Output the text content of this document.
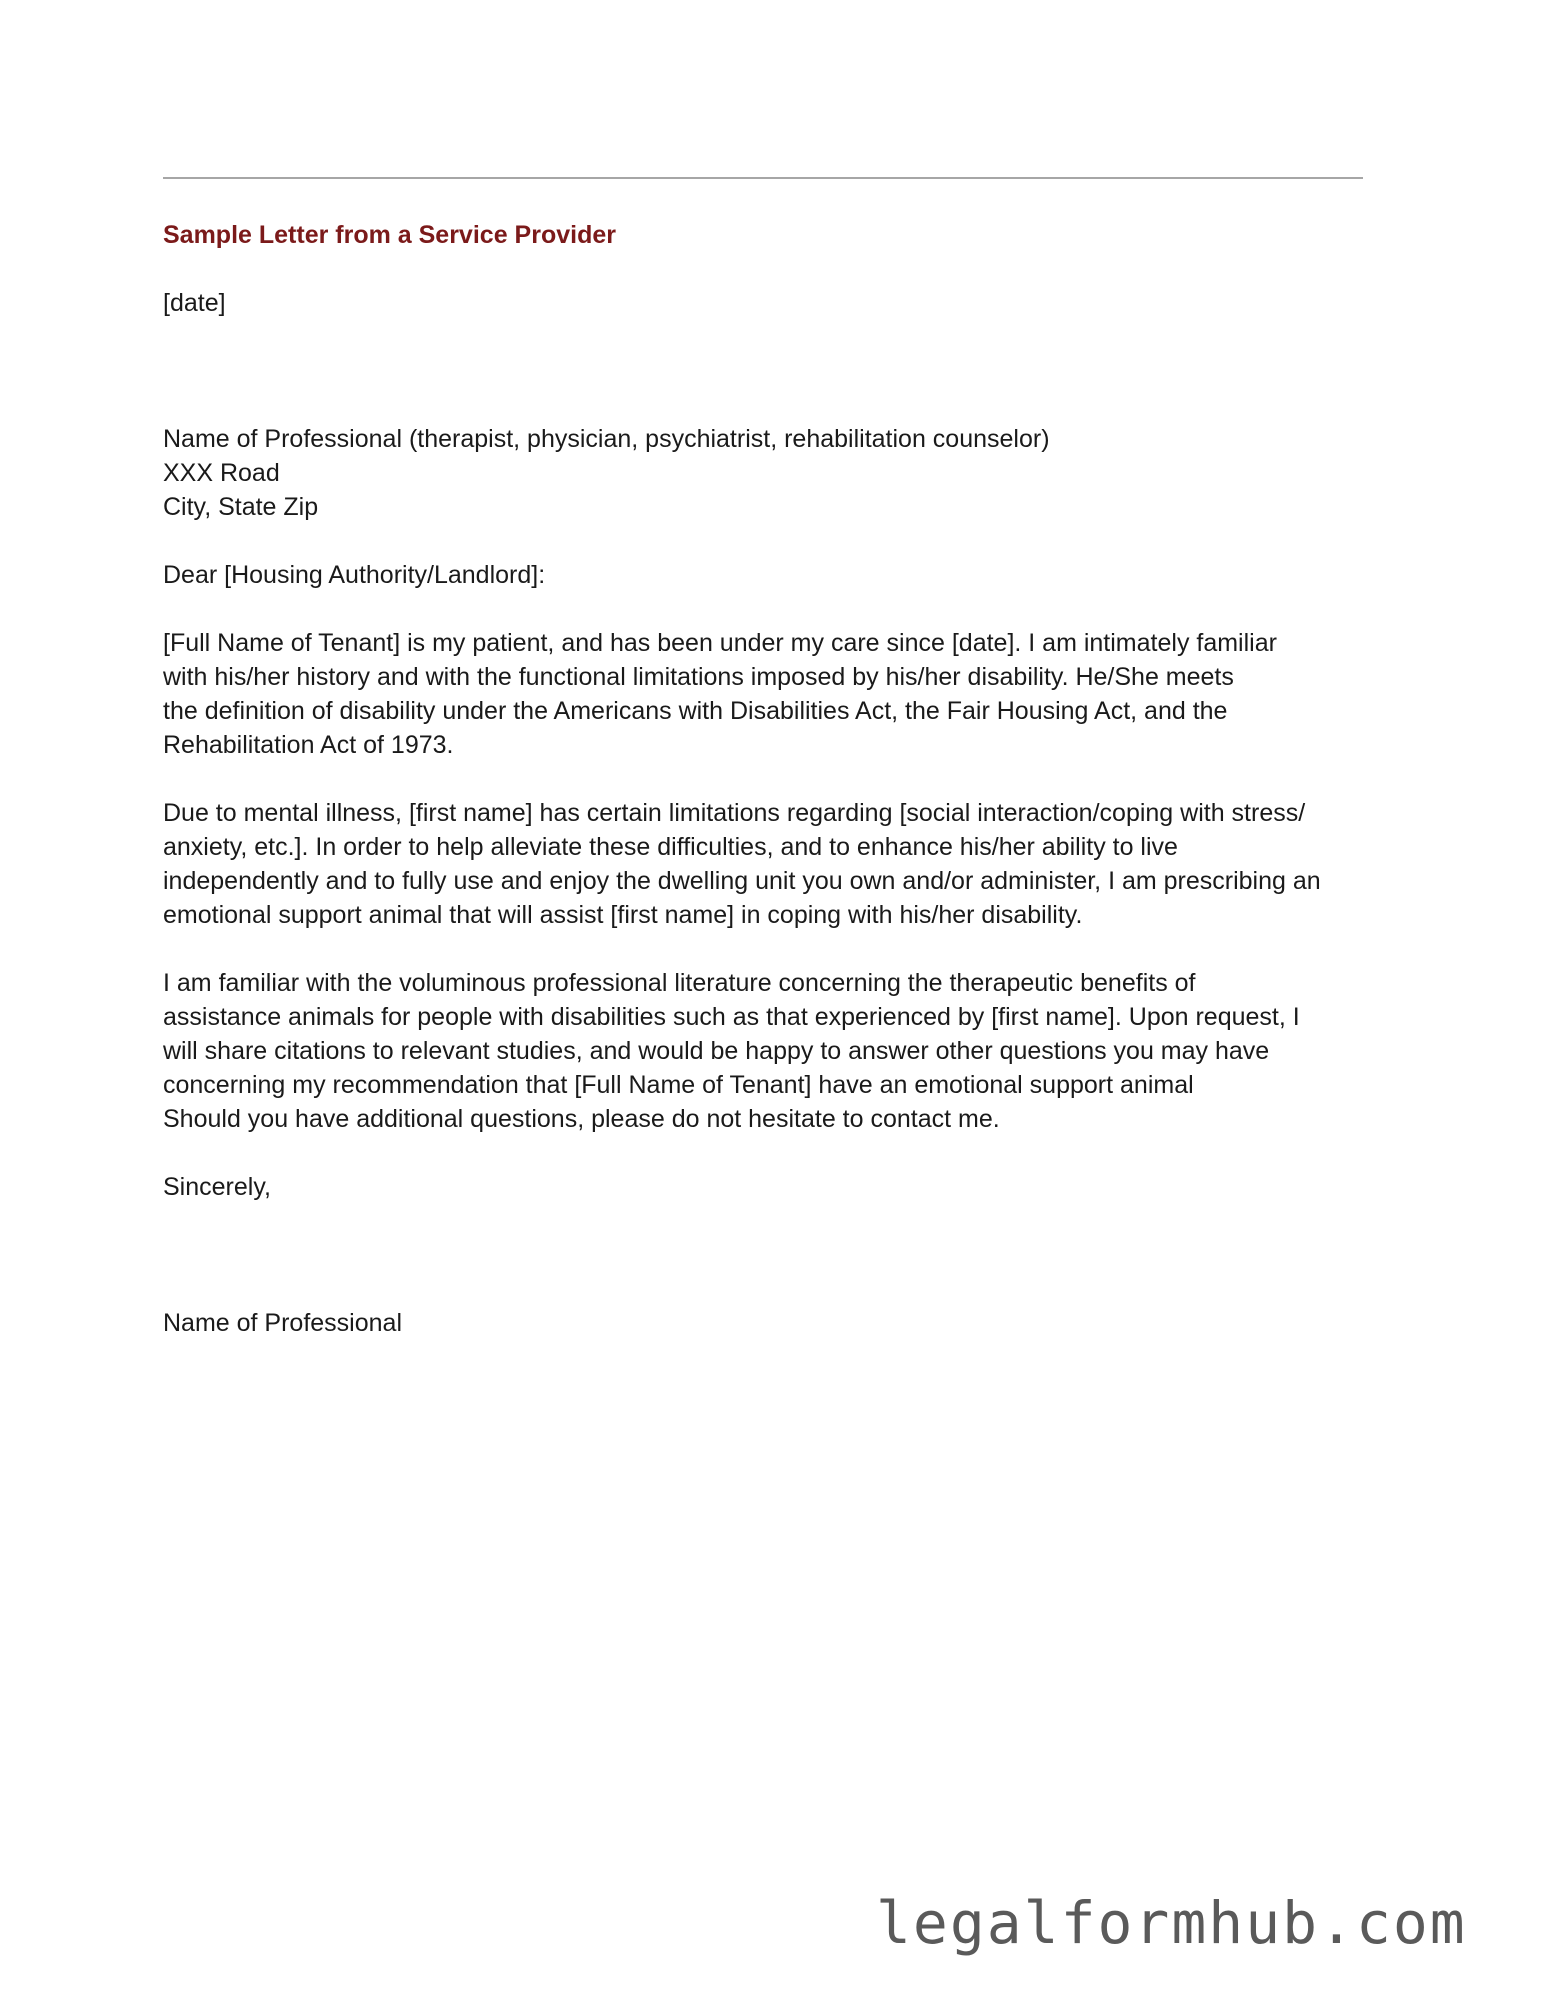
Sample Letter from a Service Provider

[date]
Name of Professional (therapist, physician, psychiatrist, rehabilitation counselor)
XXX Road
City, State Zip
Dear [Housing Authority/Landlord]:
[Full Name of Tenant] is my patient, and has been under my care since [date]. I am intimately familiar
with his/her history and with the functional limitations imposed by his/her disability. He/She meets
the definition of disability under the Americans with Disabilities Act, the Fair Housing Act, and the
Rehabilitation Act of 1973.
Due to mental illness, [first name] has certain limitations regarding [social interaction/coping with stress/
anxiety, etc.]. In order to help alleviate these difficulties, and to enhance his/her ability to live
independently and to fully use and enjoy the dwelling unit you own and/or administer, I am prescribing an
emotional support animal that will assist [first name] in coping with his/her disability.
I am familiar with the voluminous professional literature concerning the therapeutic benefits of
assistance animals for people with disabilities such as that experienced by [first name]. Upon request, I
will share citations to relevant studies, and would be happy to answer other questions you may have
concerning my recommendation that [Full Name of Tenant] have an emotional support animal
Should you have additional questions, please do not hesitate to contact me.
Sincerely,
Name of Professional
legalformhub.com
